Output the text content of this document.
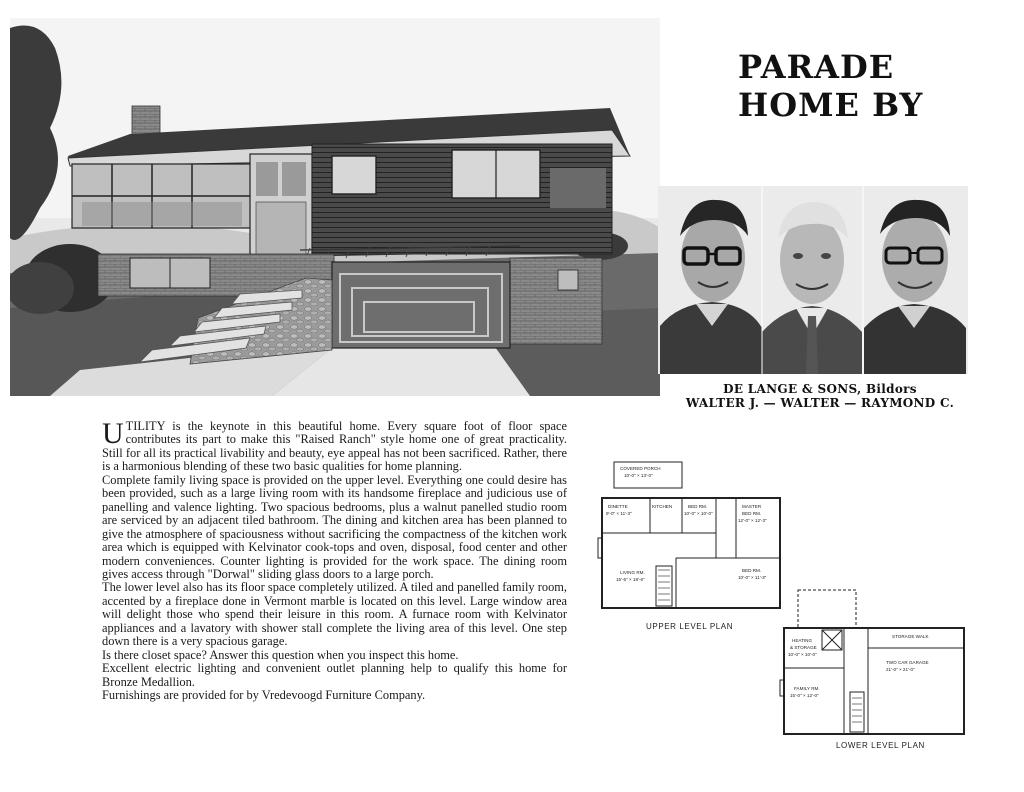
PARADE
HOME BY
DE LANGE & SONS, Bildors
WALTER J. — WALTER — RAYMOND C.

UTILITY is the keynote in this beautiful home. Every square foot of floor space contributes its part to make this "Raised Ranch" style home one of great practicality. Still for all its practical livability and beauty, eye appeal has not been sacrificed. Rather, there is a harmonious blending of these two basic qualities for home planning.

Complete family living space is provided on the upper level. Everything one could desire has been provided, such as a large living room with its handsome fireplace and judicious use of panelling and valence lighting. Two spacious bedrooms, plus a walnut panelled studio room are serviced by an adjacent tiled bathroom. The dining and kitchen area has been planned to give the atmosphere of spaciousness without sacrificing the compactness of the kitchen work area which is equipped with Kelvinator cook-tops and oven, disposal, food center and other modern conveniences. Counter lighting is provided for the work space. The dining room gives access through "Dorwal" sliding glass doors to a large porch.

The lower level also has its floor space completely utilized. A tiled and panelled family room, accented by a fireplace done in Vermont marble is located on this level. Large window area will delight those who spend their leisure in this room. A furnace room with Kelvinator appliances and a lavatory with shower stall complete the living area of this level. One step down there is a very spacious garage.

Is there closet space? Answer this question when you inspect this home.

Excellent electric lighting and convenient outlet planning help to qualify this home for Bronze Medallion.

Furnishings are provided for by Vredevoogd Furniture Company.

COVERED PORCH
10'-0" × 13'-0"
DINETTE
9'-0" × 11'-3"
KITCHEN	BED RM.
10'-0" × 10'-0"
MASTER
BED RM.
12'-0" × 12'-3"
LIVING RM.
15'-6" × 18'-6"
BED RM.
10'-0" × 11'-3"
UPPER LEVEL PLAN
HEATING
& STORAGE
10'-0" × 10'-0"
STORAGE WALK
TWO CAR GARAGE
21'-0" × 21'-0"
FAMILY RM.
15'-0" × 12'-0"
LOWER LEVEL PLAN
